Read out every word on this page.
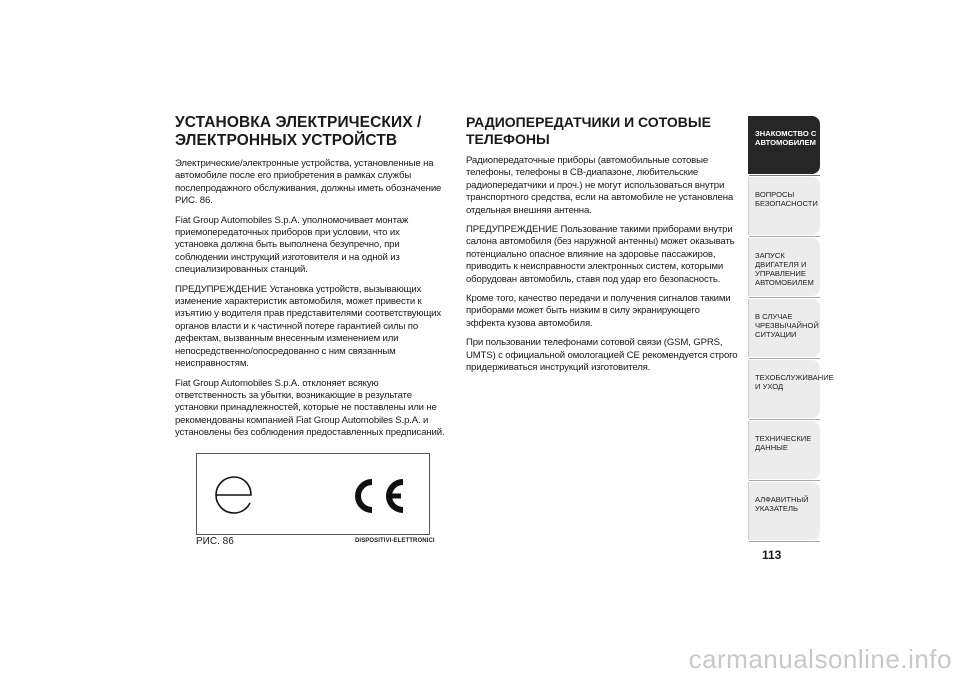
УСТАНОВКА ЭЛЕКТРИЧЕСКИХ / ЭЛЕКТРОННЫХ УСТРОЙСТВ

Электрические/электронные устройства, установленные на автомобиле после его приобретения в рамках службы послепродажного обслуживания, должны иметь обозначение РИС. 86.

Fiat Group Automobiles S.p.A. уполномочивает монтаж приемопередаточных приборов при условии, что их установка должна быть выполнена безупречно, при соблюдении инструкций изготовителя и на одной из специализированных станций.

ПРЕДУПРЕЖДЕНИЕ Установка устройств, вызывающих изменение характеристик автомобиля, может привести к изъятию у водителя прав представителями соответствующих органов власти и к частичной потере гарантией силы по дефектам, вызванным внесенным изменением или непосредственно/опосредованно с ним связанным неисправностям.

Fiat Group Automobiles S.p.A. отклоняет всякую ответственность за убытки, возникающие в результате установки принадлежностей, которые не поставлены или не рекомендованы компанией Fiat Group Automobiles S.p.A. и установлены без соблюдения предоставленных предписаний.

РАДИОПЕРЕДАТЧИКИ И СОТОВЫЕ ТЕЛЕФОНЫ

Радиопередаточные приборы (автомобильные сотовые телефоны, телефоны в CB-диапазоне, любительские радиопередатчики и проч.) не могут использоваться внутри транспортного средства, если на автомобиле не установлена отдельная внешняя антенна.

ПРЕДУПРЕЖДЕНИЕ Пользование такими приборами внутри салона автомобиля (без наружной антенны) может оказывать потенциально опасное влияние на здоровье пассажиров, приводить к неисправности электронных систем, которыми оборудован автомобиль, ставя под удар его безопасность.

Кроме того, качество передачи и получения сигналов такими приборами может быть низким в силу экранирующего эффекта кузова автомобиля.

При пользовании телефонами сотовой связи (GSM, GPRS, UMTS) с официальной омологацией CE рекомендуется строго придерживаться инструкций изготовителя.

РИС. 86	DISPOSITIVI-ELETTRONICI
ЗНАКОМСТВО С
АВТОМОБИЛЕМ
ВОПРОСЫ
БЕЗОПАСНОСТИ
ЗАПУСК ДВИГАТЕЛЯ И
УПРАВЛЕНИЕ
АВТОМОБИЛЕМ
В СЛУЧАЕ
ЧРЕЗВЫЧАЙНОЙ
СИТУАЦИИ
ТЕХОБСЛУЖИВАНИЕ
И УХОД
ТЕХНИЧЕСКИЕ
ДАННЫЕ
АЛФАВИТНЫЙ
УКАЗАТЕЛЬ
113
carmanualsonline.info
